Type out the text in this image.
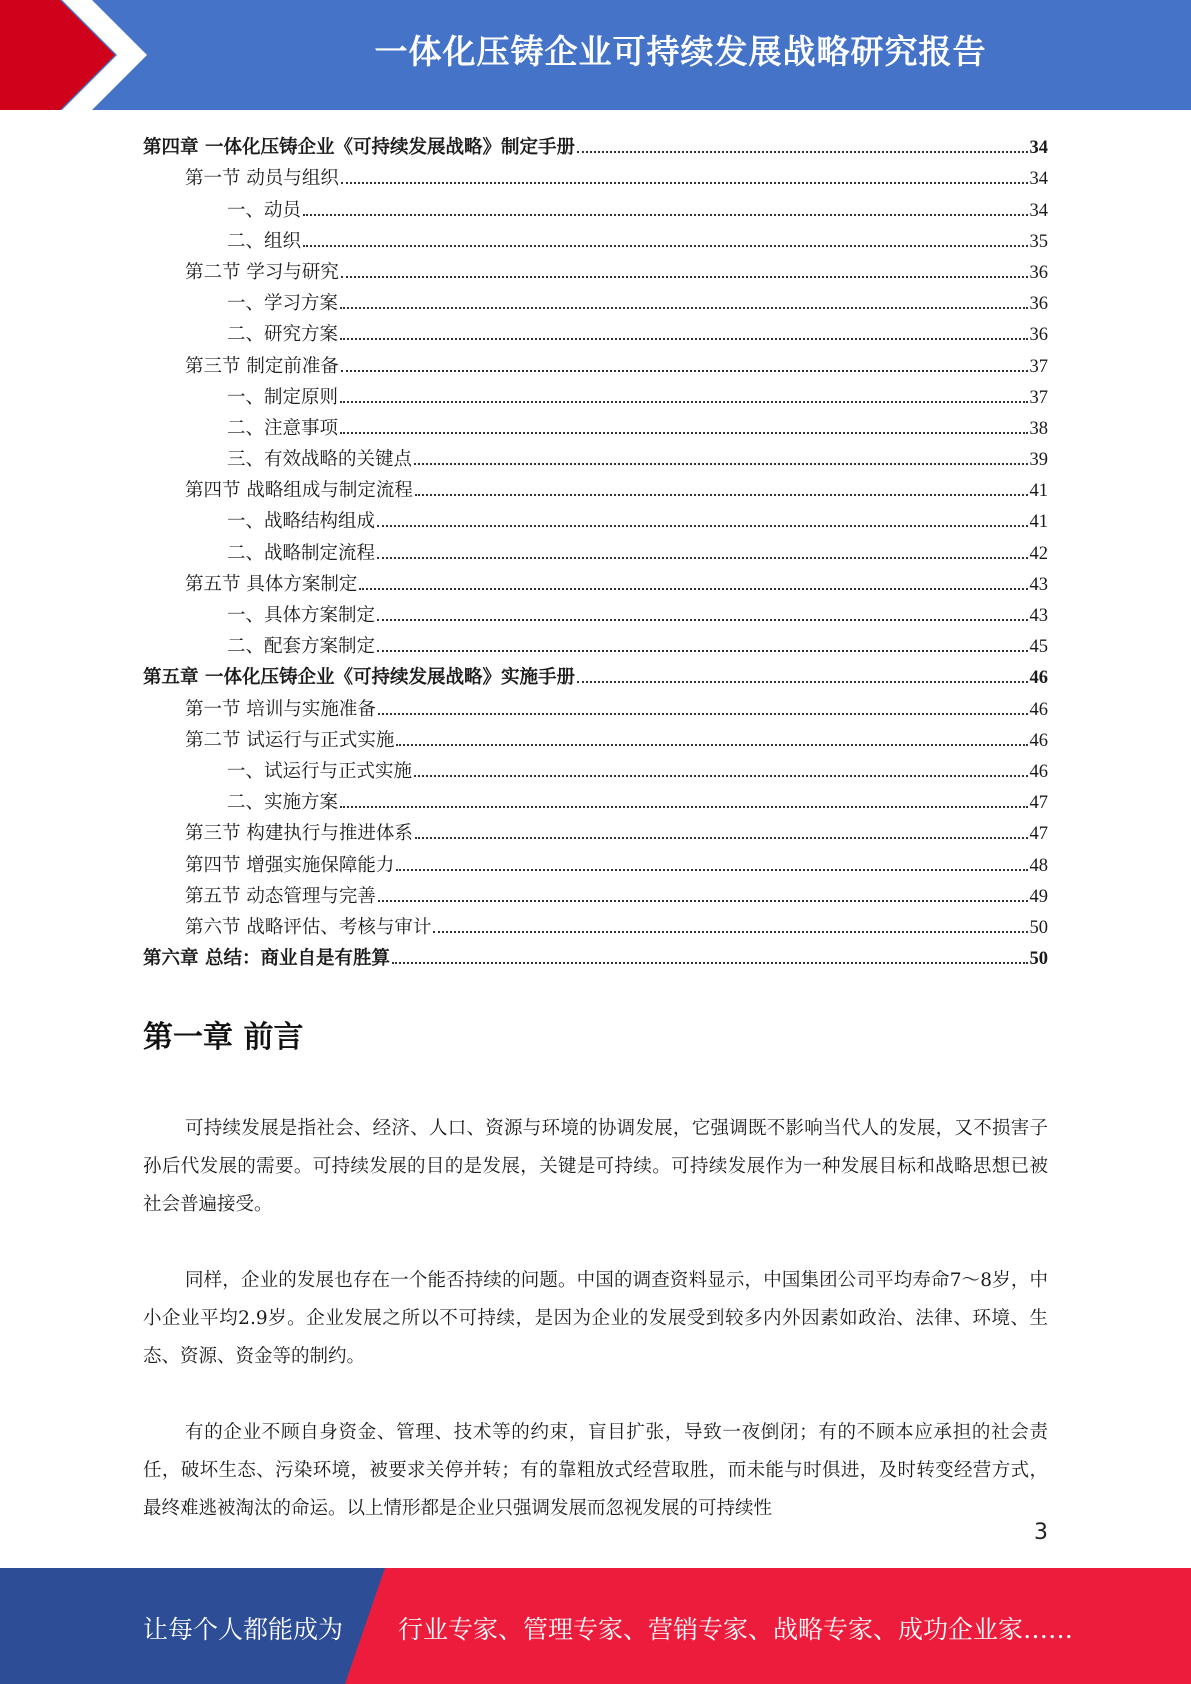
一体化压铸企业可持续发展战略研究报告
第四章 一体化压铸企业《可持续发展战略》制定手册	34
第一节 动员与组织	34
一、动员	34
二、组织	35
第二节 学习与研究	36
一、学习方案	36
二、研究方案	36
第三节 制定前准备	37
一、制定原则	37
二、注意事项	38
三、有效战略的关键点	39
第四节 战略组成与制定流程	41
一、战略结构组成	41
二、战略制定流程	42
第五节 具体方案制定	43
一、具体方案制定	43
二、配套方案制定	45
第五章 一体化压铸企业《可持续发展战略》实施手册	46
第一节 培训与实施准备	46
第二节 试运行与正式实施	46
一、试运行与正式实施	46
二、实施方案	47
第三节 构建执行与推进体系	47
第四节 增强实施保障能力	48
第五节 动态管理与完善	49
第六节 战略评估、考核与审计	50
第六章 总结：商业自是有胜算	50
第一章 前言

可持续发展是指社会、经济、人口、资源与环境的协调发展，它强调既不影响当代人的发展，又不损害子孙后代发展的需要。可持续发展的目的是发展，关键是可持续。可持续发展作为一种发展目标和战略思想已被社会普遍接受。

同样，企业的发展也存在一个能否持续的问题。中国的调查资料显示，中国集团公司平均寿命7～8岁，中小企业平均2.9岁。企业发展之所以不可持续，是因为企业的发展受到较多内外因素如政治、法律、环境、生态、资源、资金等的制约。

有的企业不顾自身资金、管理、技术等的约束，盲目扩张，导致一夜倒闭；有的不顾本应承担的社会责任，破坏生态、污染环境，被要求关停并转；有的靠粗放式经营取胜，而未能与时俱进，及时转变经营方式，最终难逃被淘汰的命运。以上情形都是企业只强调发展而忽视发展的可持续性

3
让每个人都能成为 行业专家、管理专家、营销专家、战略专家、成功企业家……
